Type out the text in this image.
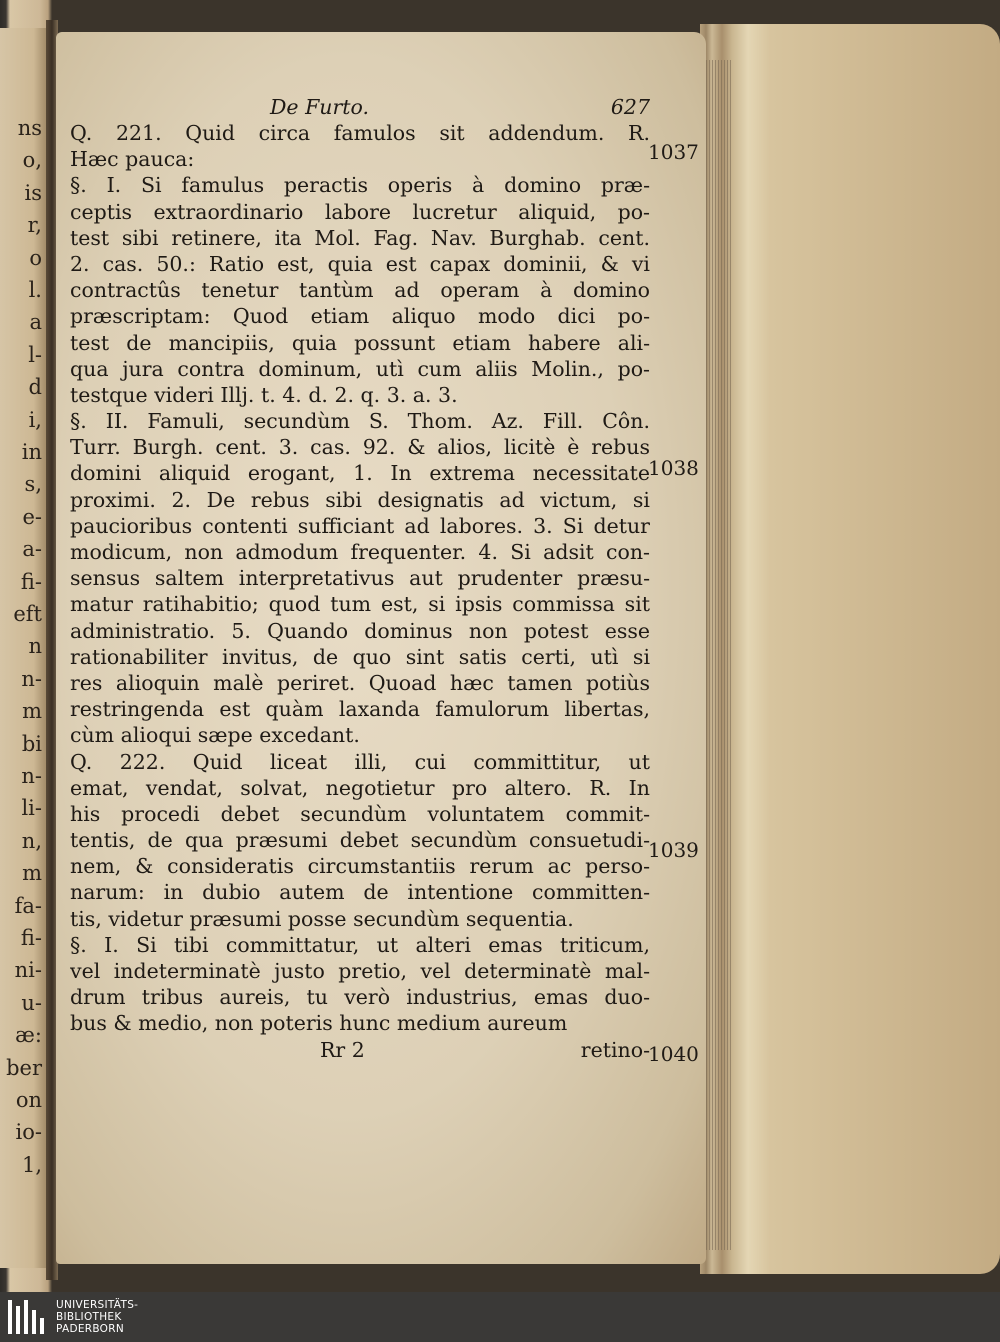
ns
o,
is
r,
o
l.
a
l-
d
i,
in
s,
e-
a-
fi-
eft
n
n-
m
bi
n-
li-
n,
m
fa-
fi-
ni-
u-
æ:
ber
on
io-
1,
De Furto.	627
Q. 221. Quid circa famulos sit addendum. R.
Hæc pauca:
§. I. Si famulus peractis operis à domino præ-
ceptis extraordinario labore lucretur aliquid, po-
test sibi retinere, ita Mol. Fag. Nav. Burghab. cent.
2. cas. 50.: Ratio est, quia est capax dominii, & vi
contractûs tenetur tantùm ad operam à domino
præscriptam: Quod etiam aliquo modo dici po-
test de mancipiis, quia possunt etiam habere ali-
qua jura contra dominum, utì cum aliis Molin., po-
testque videri Illj. t. 4. d. 2. q. 3. a. 3.
§. II. Famuli, secundùm S. Thom. Az. Fill. Côn.
Turr. Burgh. cent. 3. cas. 92. & alios, licitè è rebus
domini aliquid erogant, 1. In extrema necessitate
proximi. 2. De rebus sibi designatis ad victum, si
paucioribus contenti sufficiant ad labores. 3. Si detur
modicum, non admodum frequenter. 4. Si adsit con-
sensus saltem interpretativus aut prudenter præsu-
matur ratihabitio; quod tum est, si ipsis commissa sit
administratio. 5. Quando dominus non potest esse
rationabiliter invitus, de quo sint satis certi, utì si
res alioquin malè periret. Quoad hæc tamen potiùs
restringenda est quàm laxanda famulorum libertas,
cùm alioqui sæpe excedant.
Q. 222. Quid liceat illi, cui committitur, ut
emat, vendat, solvat, negotietur pro altero. R. In
his procedi debet secundùm voluntatem commit-
tentis, de qua præsumi debet secundùm consuetudi-
nem, & consideratis circumstantiis rerum ac perso-
narum: in dubio autem de intentione committen-
tis, videtur præsumi posse secundùm sequentia.
§. I. Si tibi committatur, ut alteri emas triticum,
vel indeterminatè justo pretio, vel determinatè mal-
drum tribus aureis, tu verò industrius, emas duo-
bus & medio, non poteris hunc medium aureum
Rr 2	retino-
1037
1038
1039
1040
UNIVERSITÄTS-
BIBLIOTHEK
PADERBORN
